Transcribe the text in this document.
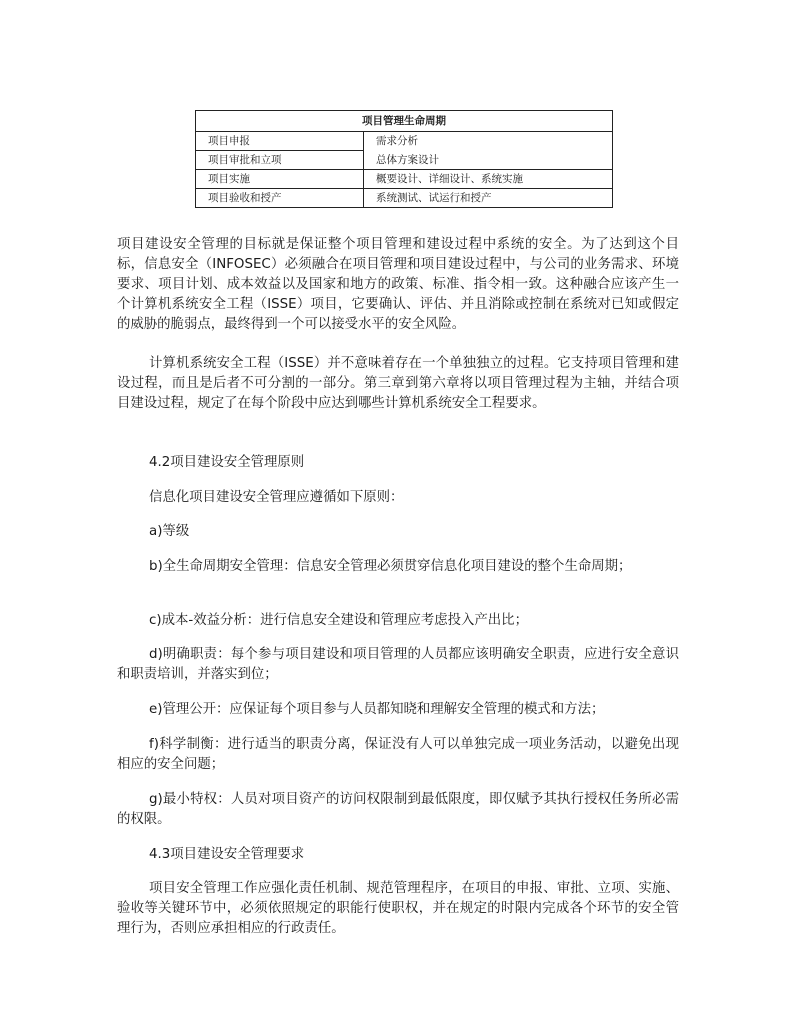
项目管理生命周期	
项目申报	需求分析
项目审批和立项	总体方案设计
项目实施	概要设计、详细设计、系统实施
项目验收和授产	系统测试、试运行和授产

项目建设安全管理的目标就是保证整个项目管理和建设过程中系统的安全。为了达到这个目标，信息安全（INFOSEC）必须融合在项目管理和项目建设过程中，与公司的业务需求、环境要求、项目计划、成本效益以及国家和地方的政策、标准、指令相一致。这种融合应该产生一个计算机系统安全工程（ISSE）项目，它要确认、评估、并且消除或控制在系统对已知或假定的威胁的脆弱点，最终得到一个可以接受水平的安全风险。

计算机系统安全工程（ISSE）并不意味着存在一个单独独立的过程。它支持项目管理和建设过程，而且是后者不可分割的一部分。第三章到第六章将以项目管理过程为主轴，并结合项目建设过程，规定了在每个阶段中应达到哪些计算机系统安全工程要求。

4.2项目建设安全管理原则

信息化项目建设安全管理应遵循如下原则：

a)等级

b)全生命周期安全管理：信息安全管理必须贯穿信息化项目建设的整个生命周期；

c)成本-效益分析：进行信息安全建设和管理应考虑投入产出比；

d)明确职责：每个参与项目建设和项目管理的人员都应该明确安全职责，应进行安全意识和职责培训，并落实到位；

e)管理公开：应保证每个项目参与人员都知晓和理解安全管理的模式和方法；

f)科学制衡：进行适当的职责分离，保证没有人可以单独完成一项业务活动，以避免出现相应的安全问题；

g)最小特权：人员对项目资产的访问权限制到最低限度，即仅赋予其执行授权任务所必需的权限。

4.3项目建设安全管理要求

项目安全管理工作应强化责任机制、规范管理程序，在项目的申报、审批、立项、实施、验收等关键环节中，必须依照规定的职能行使职权，并在规定的时限内完成各个环节的安全管理行为，否则应承担相应的行政责任。
